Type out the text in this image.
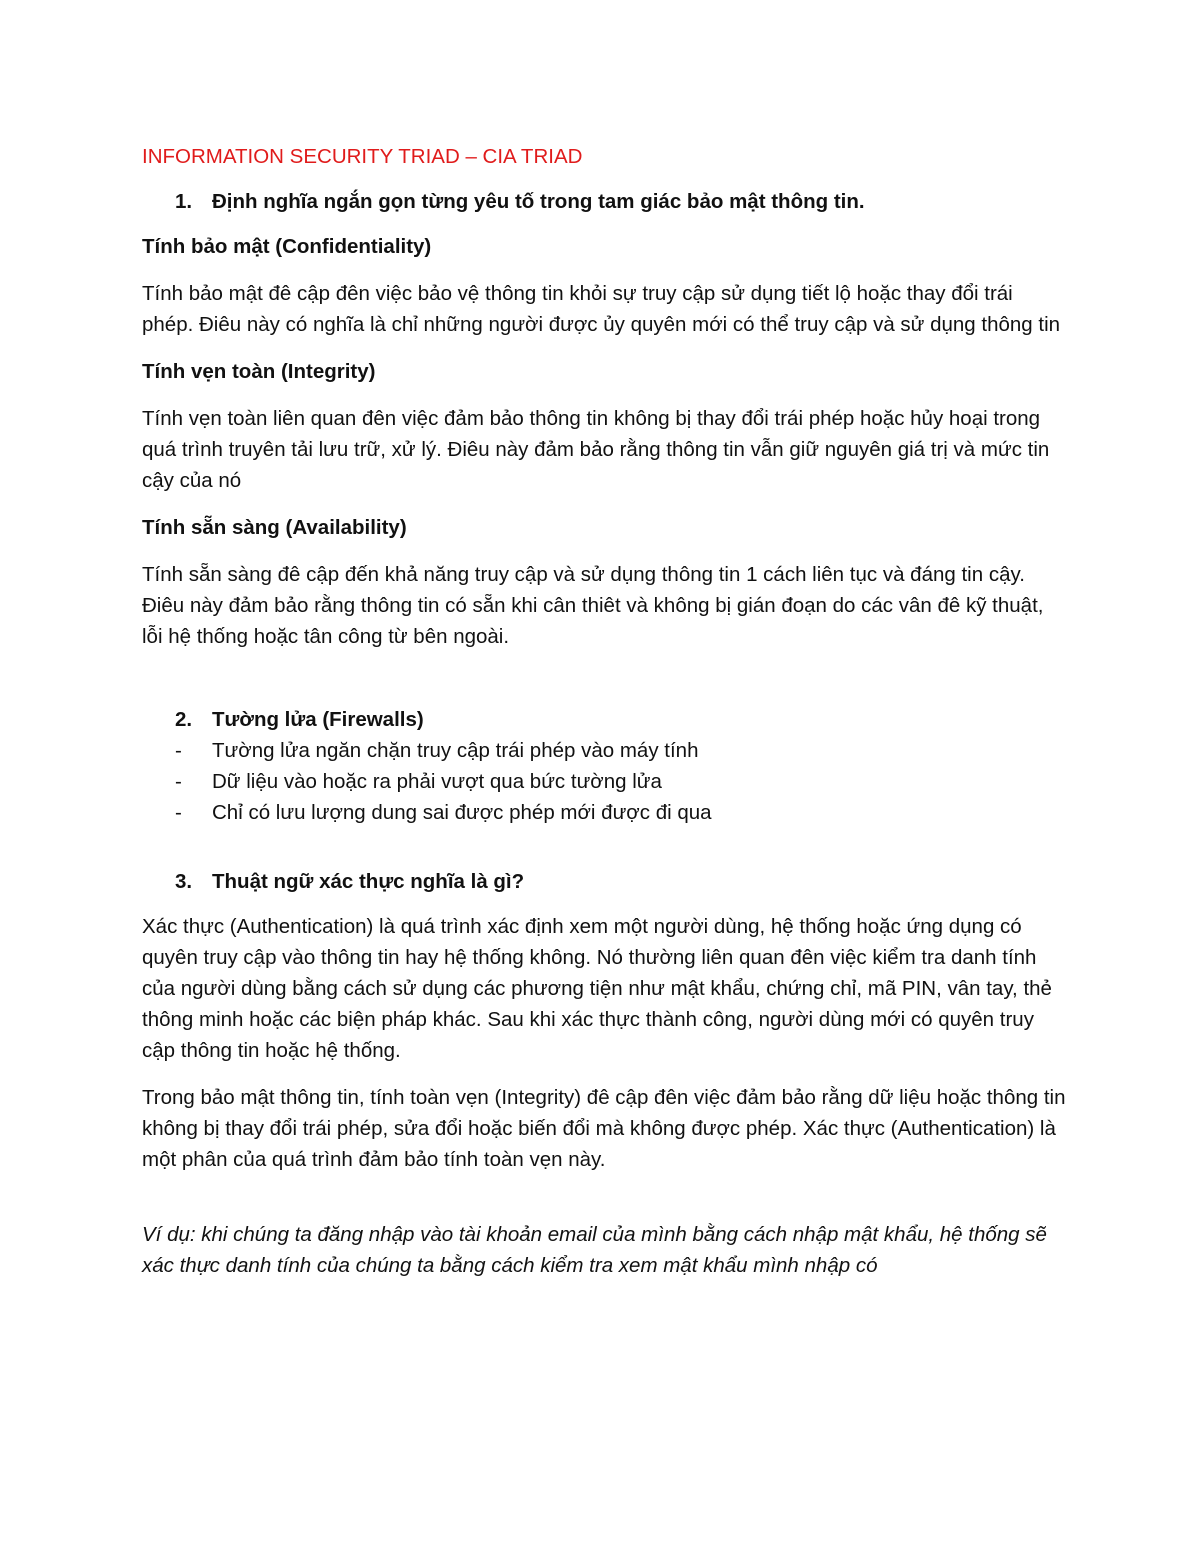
INFORMATION SECURITY TRIAD – CIA TRIAD
1. Định nghĩa ngắn gọn từng yêu tố trong tam giác bảo mật thông tin.
Tính bảo mật (Confidentiality)
Tính bảo mật đê cập đên việc bảo vệ thông tin khỏi sự truy cập sử dụng tiết lộ hoặc thay đổi trái phép. Điêu này có nghĩa là chỉ những người được ủy quyên mới có thể truy cập và sử dụng thông tin
Tính vẹn toàn (Integrity)
Tính vẹn toàn liên quan đên việc đảm bảo thông tin không bị thay đổi trái phép hoặc hủy hoại trong quá trình truyên tải lưu trữ, xử lý. Điêu này đảm bảo rằng thông tin vẫn giữ nguyên giá trị và mức tin cậy của nó
Tính sẵn sàng (Availability)
Tính sẵn sàng đê cập đến khả năng truy cập và sử dụng thông tin 1 cách liên tục và đáng tin cậy. Điêu này đảm bảo rằng thông tin có sẵn khi cân thiêt và không bị gián đoạn do các vân đê kỹ thuật, lỗi hệ thống hoặc tân công từ bên ngoài.
2. Tường lửa (Firewalls)
-	Tường lửa ngăn chặn truy cập trái phép vào máy tính
-	Dữ liệu vào hoặc ra phải vượt qua bức tường lửa
-	Chỉ có lưu lượng dung sai được phép mới được đi qua
3. Thuật ngữ xác thực nghĩa là gì?
Xác thực (Authentication) là quá trình xác định xem một người dùng, hệ thống hoặc ứng dụng có quyên truy cập vào thông tin hay hệ thống không. Nó thường liên quan đên việc kiểm tra danh tính của người dùng bằng cách sử dụng các phương tiện như mật khẩu, chứng chỉ, mã PIN, vân tay, thẻ thông minh hoặc các biện pháp khác. Sau khi xác thực thành công, người dùng mới có quyên truy cập thông tin hoặc hệ thống.
Trong bảo mật thông tin, tính toàn vẹn (Integrity) đê cập đên việc đảm bảo rằng dữ liệu hoặc thông tin không bị thay đổi trái phép, sửa đổi hoặc biến đổi mà không được phép. Xác thực (Authentication) là một phân của quá trình đảm bảo tính toàn vẹn này.
Ví dụ: khi chúng ta đăng nhập vào tài khoản email của mình bằng cách nhập mật khẩu, hệ thống sẽ xác thực danh tính của chúng ta bằng cách kiểm tra xem mật khẩu mình nhập có
